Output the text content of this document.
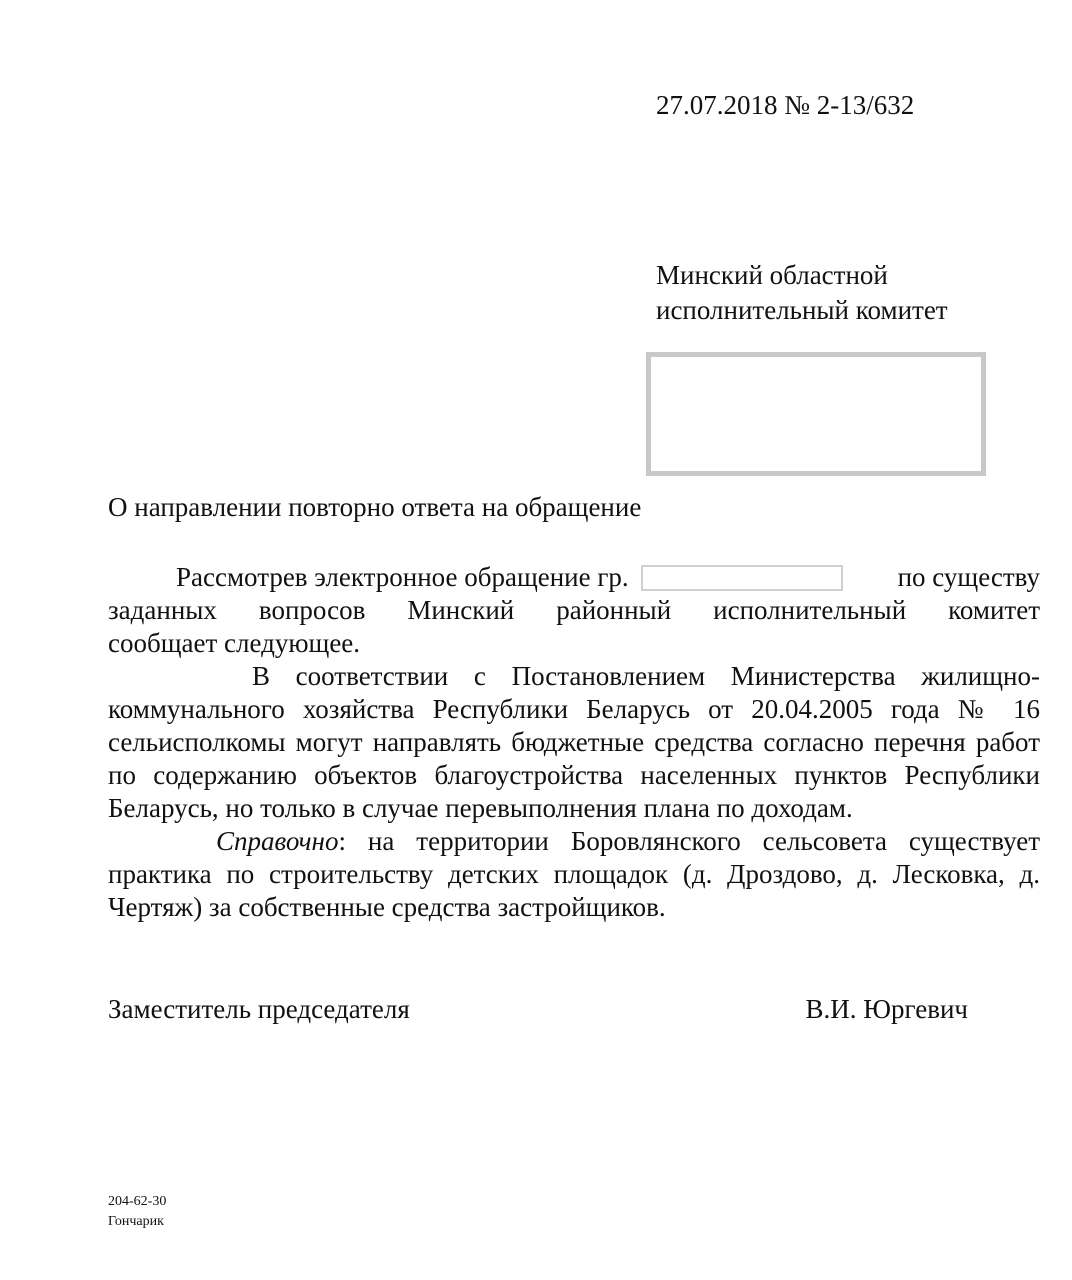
27.07.2018 № 2-13/632
Минский областной
исполнительный комитет
О направлении повторно ответа на обращение
Рассмотрев электронное обращение гр.	по существу

заданных вопросов Минский районный исполнительный комитет

сообщает следующее.

В соответствии с Постановлением Министерства жилищно-коммунального хозяйства Республики Беларусь от 20.04.2005 года № 16 сельисполкомы могут направлять бюджетные средства согласно перечня работ по содержанию объектов благоустройства населенных пунктов Республики Беларусь, но только в случае перевыполнения плана по доходам.

Справочно: на территории Боровлянского сельсовета существует практика по строительству детских площадок (д. Дроздово, д. Лесковка, д. Чертяж) за собственные средства застройщиков.

Заместитель председателя	В.И. Юргевич
204-62-30
Гончарик
